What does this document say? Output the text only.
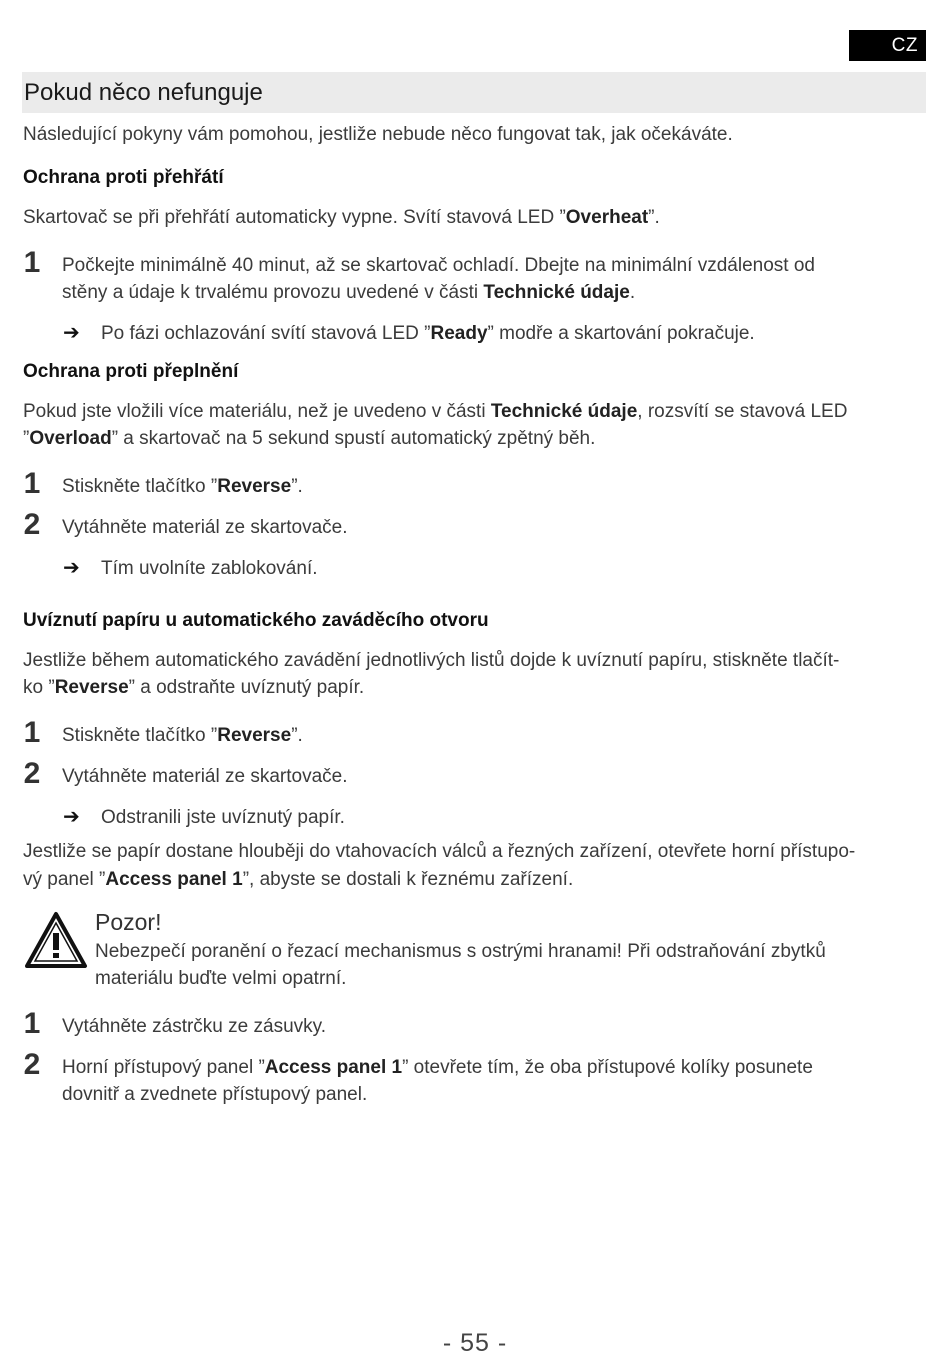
CZ
Pokud něco nefunguje
Následující pokyny vám pomohou, jestliže nebude něco fungovat tak, jak očekáváte.
Ochrana proti přehřátí
Skartovač se při přehřátí automaticky vypne. Svítí stavová LED ”Overheat”.
1 Počkejte minimálně 40 minut, až se skartovač ochladí. Dbejte na minimální vzdálenost od
stěny a údaje k trvalému provozu uvedené v části Technické údaje.
➔ Po fázi ochlazování svítí stavová LED ”Ready” modře a skartování pokračuje.
Ochrana proti přeplnění
Pokud jste vložili více materiálu, než je uvedeno v části Technické údaje, rozsvítí se stavová LED
”Overload” a skartovač na 5 sekund spustí automatický zpětný běh.
1 Stiskněte tlačítko ”Reverse”.
2 Vytáhněte materiál ze skartovače.
➔ Tím uvolníte zablokování.
Uvíznutí papíru u automatického zaváděcího otvoru
Jestliže během automatického zavádění jednotlivých listů dojde k uvíznutí papíru, stiskněte tlačít-
ko ”Reverse” a odstraňte uvíznutý papír.
1 Stiskněte tlačítko ”Reverse”.
2 Vytáhněte materiál ze skartovače.
➔ Odstranili jste uvíznutý papír.
Jestliže se papír dostane hlouběji do vtahovacích válců a řezných zařízení, otevřete horní přístupo-
vý panel ”Access panel 1”, abyste se dostali k řeznému zařízení.
Pozor!
Nebezpečí poranění o řezací mechanismus s ostrými hranami! Při odstraňování zbytků
materiálu buďte velmi opatrní.
1 Vytáhněte zástrčku ze zásuvky.
2 Horní přístupový panel ”Access panel 1” otevřete tím, že oba přístupové kolíky posunete
dovnitř a zvednete přístupový panel.
- 55 -
